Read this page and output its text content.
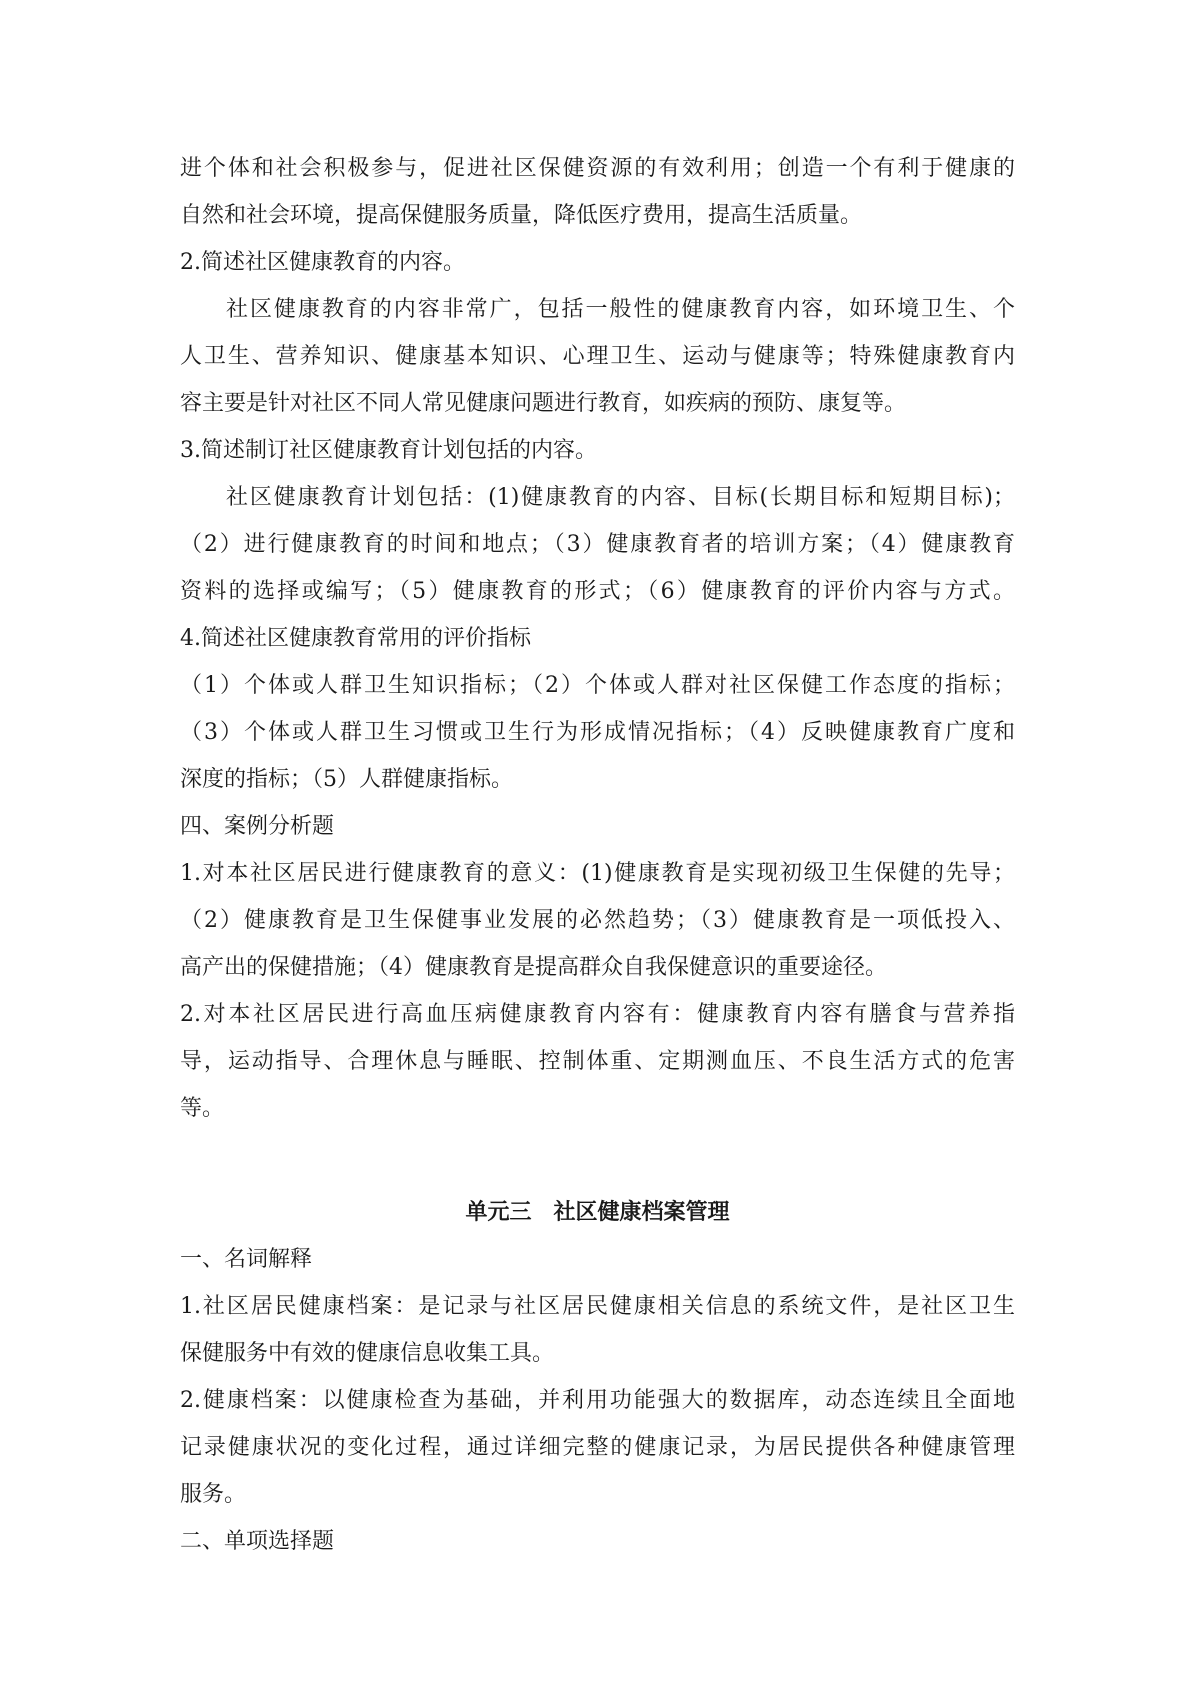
进个体和社会积极参与，促进社区保健资源的有效利用；创造一个有利于健康的
自然和社会环境，提高保健服务质量，降低医疗费用，提高生活质量。
2.简述社区健康教育的内容。
社区健康教育的内容非常广，包括一般性的健康教育内容，如环境卫生、个
人卫生、营养知识、健康基本知识、心理卫生、运动与健康等；特殊健康教育内
容主要是针对社区不同人常见健康问题进行教育，如疾病的预防、康复等。
3.简述制订社区健康教育计划包括的内容。
社区健康教育计划包括：(1)健康教育的内容、目标(长期目标和短期目标)；
（2）进行健康教育的时间和地点；（3）健康教育者的培训方案；（4）健康教育
资料的选择或编写；（5）健康教育的形式；（6）健康教育的评价内容与方式。
4.简述社区健康教育常用的评价指标
（1）个体或人群卫生知识指标；（2）个体或人群对社区保健工作态度的指标；
（3）个体或人群卫生习惯或卫生行为形成情况指标；（4）反映健康教育广度和
深度的指标；（5）人群健康指标。
四、案例分析题
1.对本社区居民进行健康教育的意义：(1)健康教育是实现初级卫生保健的先导；
（2）健康教育是卫生保健事业发展的必然趋势；（3）健康教育是一项低投入、
高产出的保健措施；（4）健康教育是提高群众自我保健意识的重要途径。
2.对本社区居民进行高血压病健康教育内容有：健康教育内容有膳食与营养指
导，运动指导、合理休息与睡眠、控制体重、定期测血压、不良生活方式的危害
等。
单元三　社区健康档案管理
一、名词解释
1.社区居民健康档案：是记录与社区居民健康相关信息的系统文件，是社区卫生
保健服务中有效的健康信息收集工具。
2.健康档案：以健康检查为基础，并利用功能强大的数据库，动态连续且全面地
记录健康状况的变化过程，通过详细完整的健康记录，为居民提供各种健康管理
服务。
二、单项选择题
